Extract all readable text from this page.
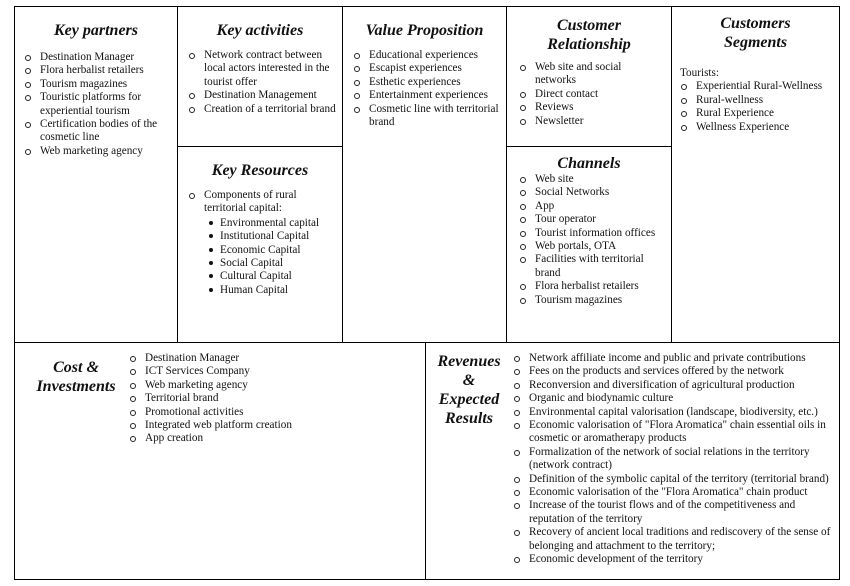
Key partners
Destination Manager
Flora herbalist retailers
Tourism magazines
Touristic platforms for experiential tourism
Certification bodies of the cosmetic line
Web marketing agency
Key activities
Network contract between local actors interested in the tourist offer
Destination Management
Creation of a territorial brand
Key Resources
Components of rural territorial capital:
Environmental capital
Institutional Capital
Economic Capital
Social Capital
Cultural Capital
Human Capital
Value Proposition
Educational experiences
Escapist experiences
Esthetic experiences
Entertainment experiences
Cosmetic line with territorial brand
Customer
Relationship
Web site and social networks
Direct contact
Reviews
Newsletter
Channels
Web site
Social Networks
App
Tour operator
Tourist information offices
Web portals, OTA
Facilities with territorial brand
Flora herbalist retailers
Tourism magazines
Customers
Segments
Tourists:
Experiential Rural-Wellness
Rural-wellness
Rural Experience
Wellness Experience
Cost &
Investments
Destination Manager
ICT Services Company
Web marketing agency
Territorial brand
Promotional activities
Integrated web platform creation
App creation
Revenues
&
Expected
Results
Network affiliate income and public and private contributions
Fees on the products and services offered by the network
Reconversion and diversification of agricultural production
Organic and biodynamic culture
Environmental capital valorisation (landscape, biodiversity, etc.)
Economic valorisation of "Flora Aromatica" chain essential oils in cosmetic or aromatherapy products
Formalization of the network of social relations in the territory (network contract)
Definition of the symbolic capital of the territory (territorial brand)
Economic valorisation of the "Flora Aromatica" chain product
Increase of the tourist flows and of the competitiveness and reputation of the territory
Recovery of ancient local traditions and rediscovery of the sense of belonging and attachment to the territory;
Economic development of the territory
